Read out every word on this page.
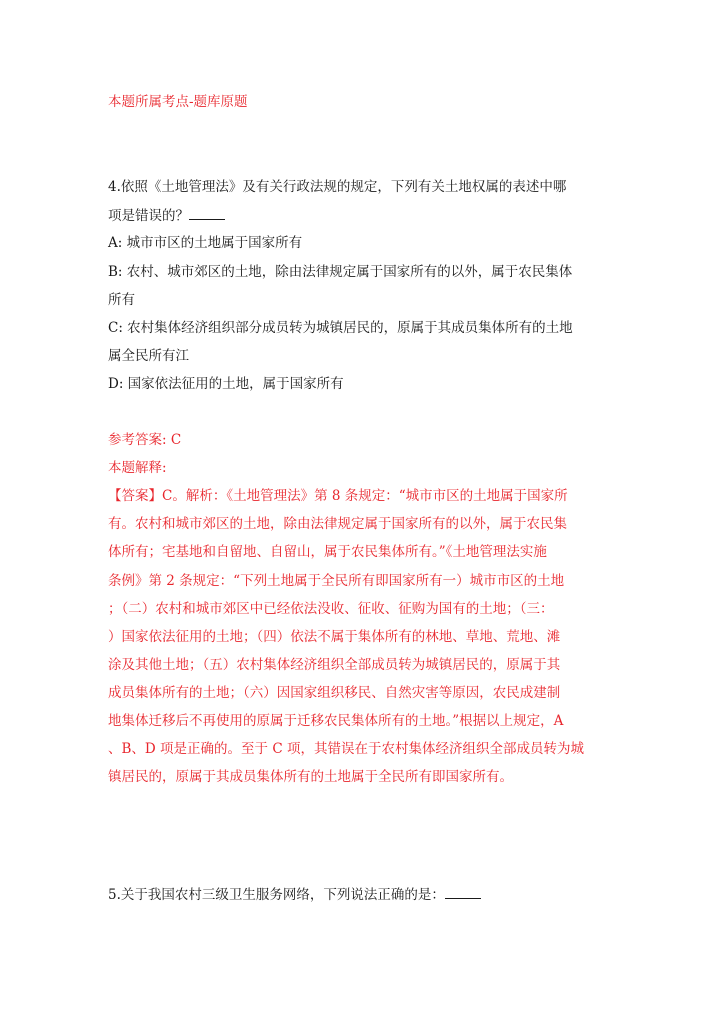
本题所属考点-题库原题
4.依照《土地管理法》及有关行政法规的规定，下列有关土地权属的表述中哪
项是错误的？
A: 城市市区的土地属于国家所有
B: 农村、城市郊区的土地，除由法律规定属于国家所有的以外，属于农民集体
所有
C: 农村集体经济组织部分成员转为城镇居民的，原属于其成员集体所有的土地
属全民所有江
D: 国家依法征用的土地，属于国家所有
参考答案: C
本题解释:
【答案】C。解析：《土地管理法》第 8 条规定：“城市市区的土地属于国家所
有。农村和城市郊区的土地，除由法律规定属于国家所有的以外，属于农民集
体所有；宅基地和自留地、自留山，属于农民集体所有。”《土地管理法实施
条例》第 2 条规定：“下列土地属于全民所有即国家所有一）城市市区的土地
；（二）农村和城市郊区中已经依法没收、征收、征购为国有的土地；（三：
）国家依法征用的土地；（四）依法不属于集体所有的林地、草地、荒地、滩
涂及其他土地；（五）农村集体经济组织全部成员转为城镇居民的，原属于其
成员集体所有的土地；（六）因国家组织移民、自然灾害等原因，农民成建制
地集体迁移后不再使用的原属于迁移农民集体所有的土地。”根据以上规定，A
、B、D 项是正确的。至于 C 项，其错误在于农村集体经济组织全部成员转为城
镇居民的，原属于其成员集体所有的土地属于全民所有即国家所有。
5.关于我国农村三级卫生服务网络，下列说法正确的是：
